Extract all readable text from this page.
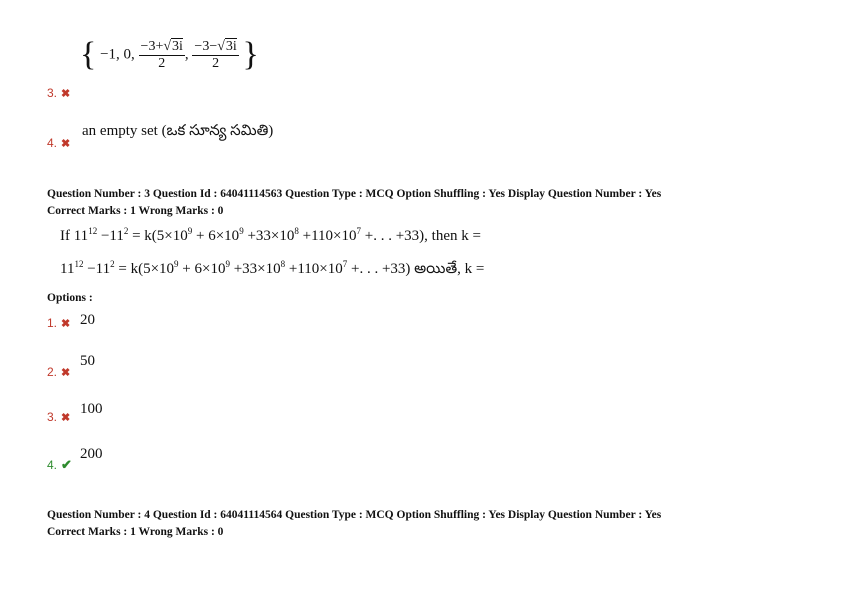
{ −1, 0, $\frac{-3+√3i}{2}$ , $\frac{-3-√3i}{2}$ }
3. ✖
an empty set (ఒక సూన్య సమితి)
4. ✖
Question Number : 3 Question Id : 64041114563 Question Type : MCQ Option Shuffling : Yes Display Question Number : Yes
Correct Marks : 1 Wrong Marks : 0
If $11^{12} -11^2 = k(5\times 10^9 + 6\times 10^9 +33\times 10^8 +110\times 10^7$ +. . . +33), then k =
$11^{12} -11^2 = k(5\times 10^9 + 6\times 10^9 +33\times 10^8 +110\times 10^7$ +. . . +33) అయితే, k =
Options :
1. ✖ 20
2. ✖
50
3. ✖
100
4. ✔
200
Question Number : 4 Question Id : 64041114564 Question Type : MCQ Option Shuffling : Yes Display Question Number : Yes
Correct Marks : 1 Wrong Marks : 0
